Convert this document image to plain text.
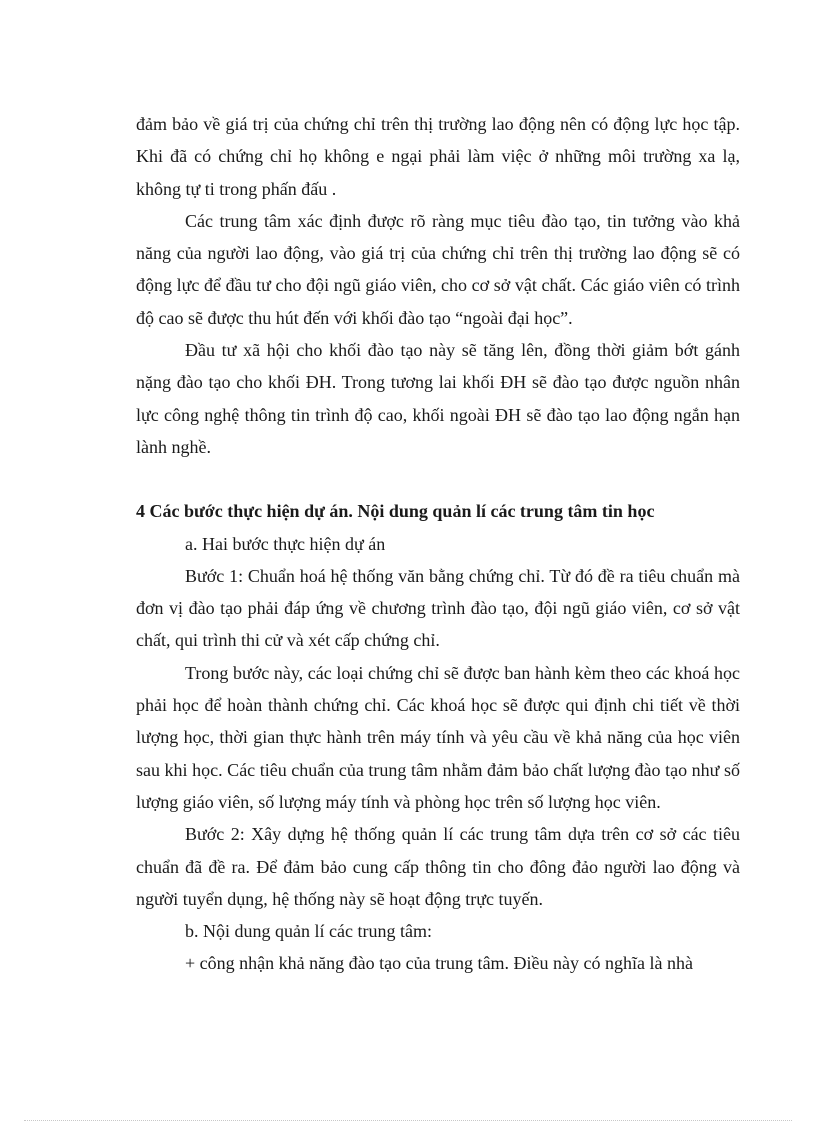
đảm bảo về giá trị của chứng chỉ trên thị trường lao động nên có động lực học tập. Khi đã có chứng chỉ họ không e ngại phải làm việc ở những môi trường xa lạ, không tự ti trong phấn đấu .

Các trung tâm xác định được rõ ràng mục tiêu đào tạo, tin tưởng vào khả năng của người lao động, vào giá trị của chứng chỉ trên thị trường lao động sẽ có động lực để đầu tư cho đội ngũ giáo viên, cho cơ sở vật chất. Các giáo viên có trình độ cao sẽ được thu hút đến với khối đào tạo “ngoài đại học”.

Đầu tư xã hội cho khối đào tạo này sẽ tăng lên, đồng thời giảm bớt gánh nặng đào tạo cho khối ĐH. Trong tương lai khối ĐH sẽ đào tạo được nguồn nhân lực công nghệ thông tin trình độ cao, khối ngoài ĐH sẽ đào tạo lao động ngắn hạn lành nghề.

4 Các bước thực hiện dự án. Nội dung quản lí các trung tâm tin học

a. Hai bước thực hiện dự án

Bước 1: Chuẩn hoá hệ thống văn bằng chứng chỉ. Từ đó đề ra tiêu chuẩn mà đơn vị đào tạo phải đáp ứng về chương trình đào tạo, đội ngũ giáo viên, cơ sở vật chất, qui trình thi cử và xét cấp chứng chỉ.

Trong bước này, các loại chứng chỉ sẽ được ban hành kèm theo các khoá học phải học để hoàn thành chứng chỉ. Các khoá học sẽ được qui định chi tiết về thời lượng học, thời gian thực hành trên máy tính và yêu cầu về khả năng của học viên sau khi học. Các tiêu chuẩn của trung tâm nhằm đảm bảo chất lượng đào tạo như số lượng giáo viên, số lượng máy tính và phòng học trên số lượng học viên.

Bước 2: Xây dựng hệ thống quản lí các trung tâm dựa trên cơ sở các tiêu chuẩn đã đề ra. Để đảm bảo cung cấp thông tin cho đông đảo người lao động và người tuyển dụng, hệ thống này sẽ hoạt động trực tuyến.

b. Nội dung quản lí các trung tâm:

+ công nhận khả năng đào tạo của trung tâm. Điều này có nghĩa là nhà
